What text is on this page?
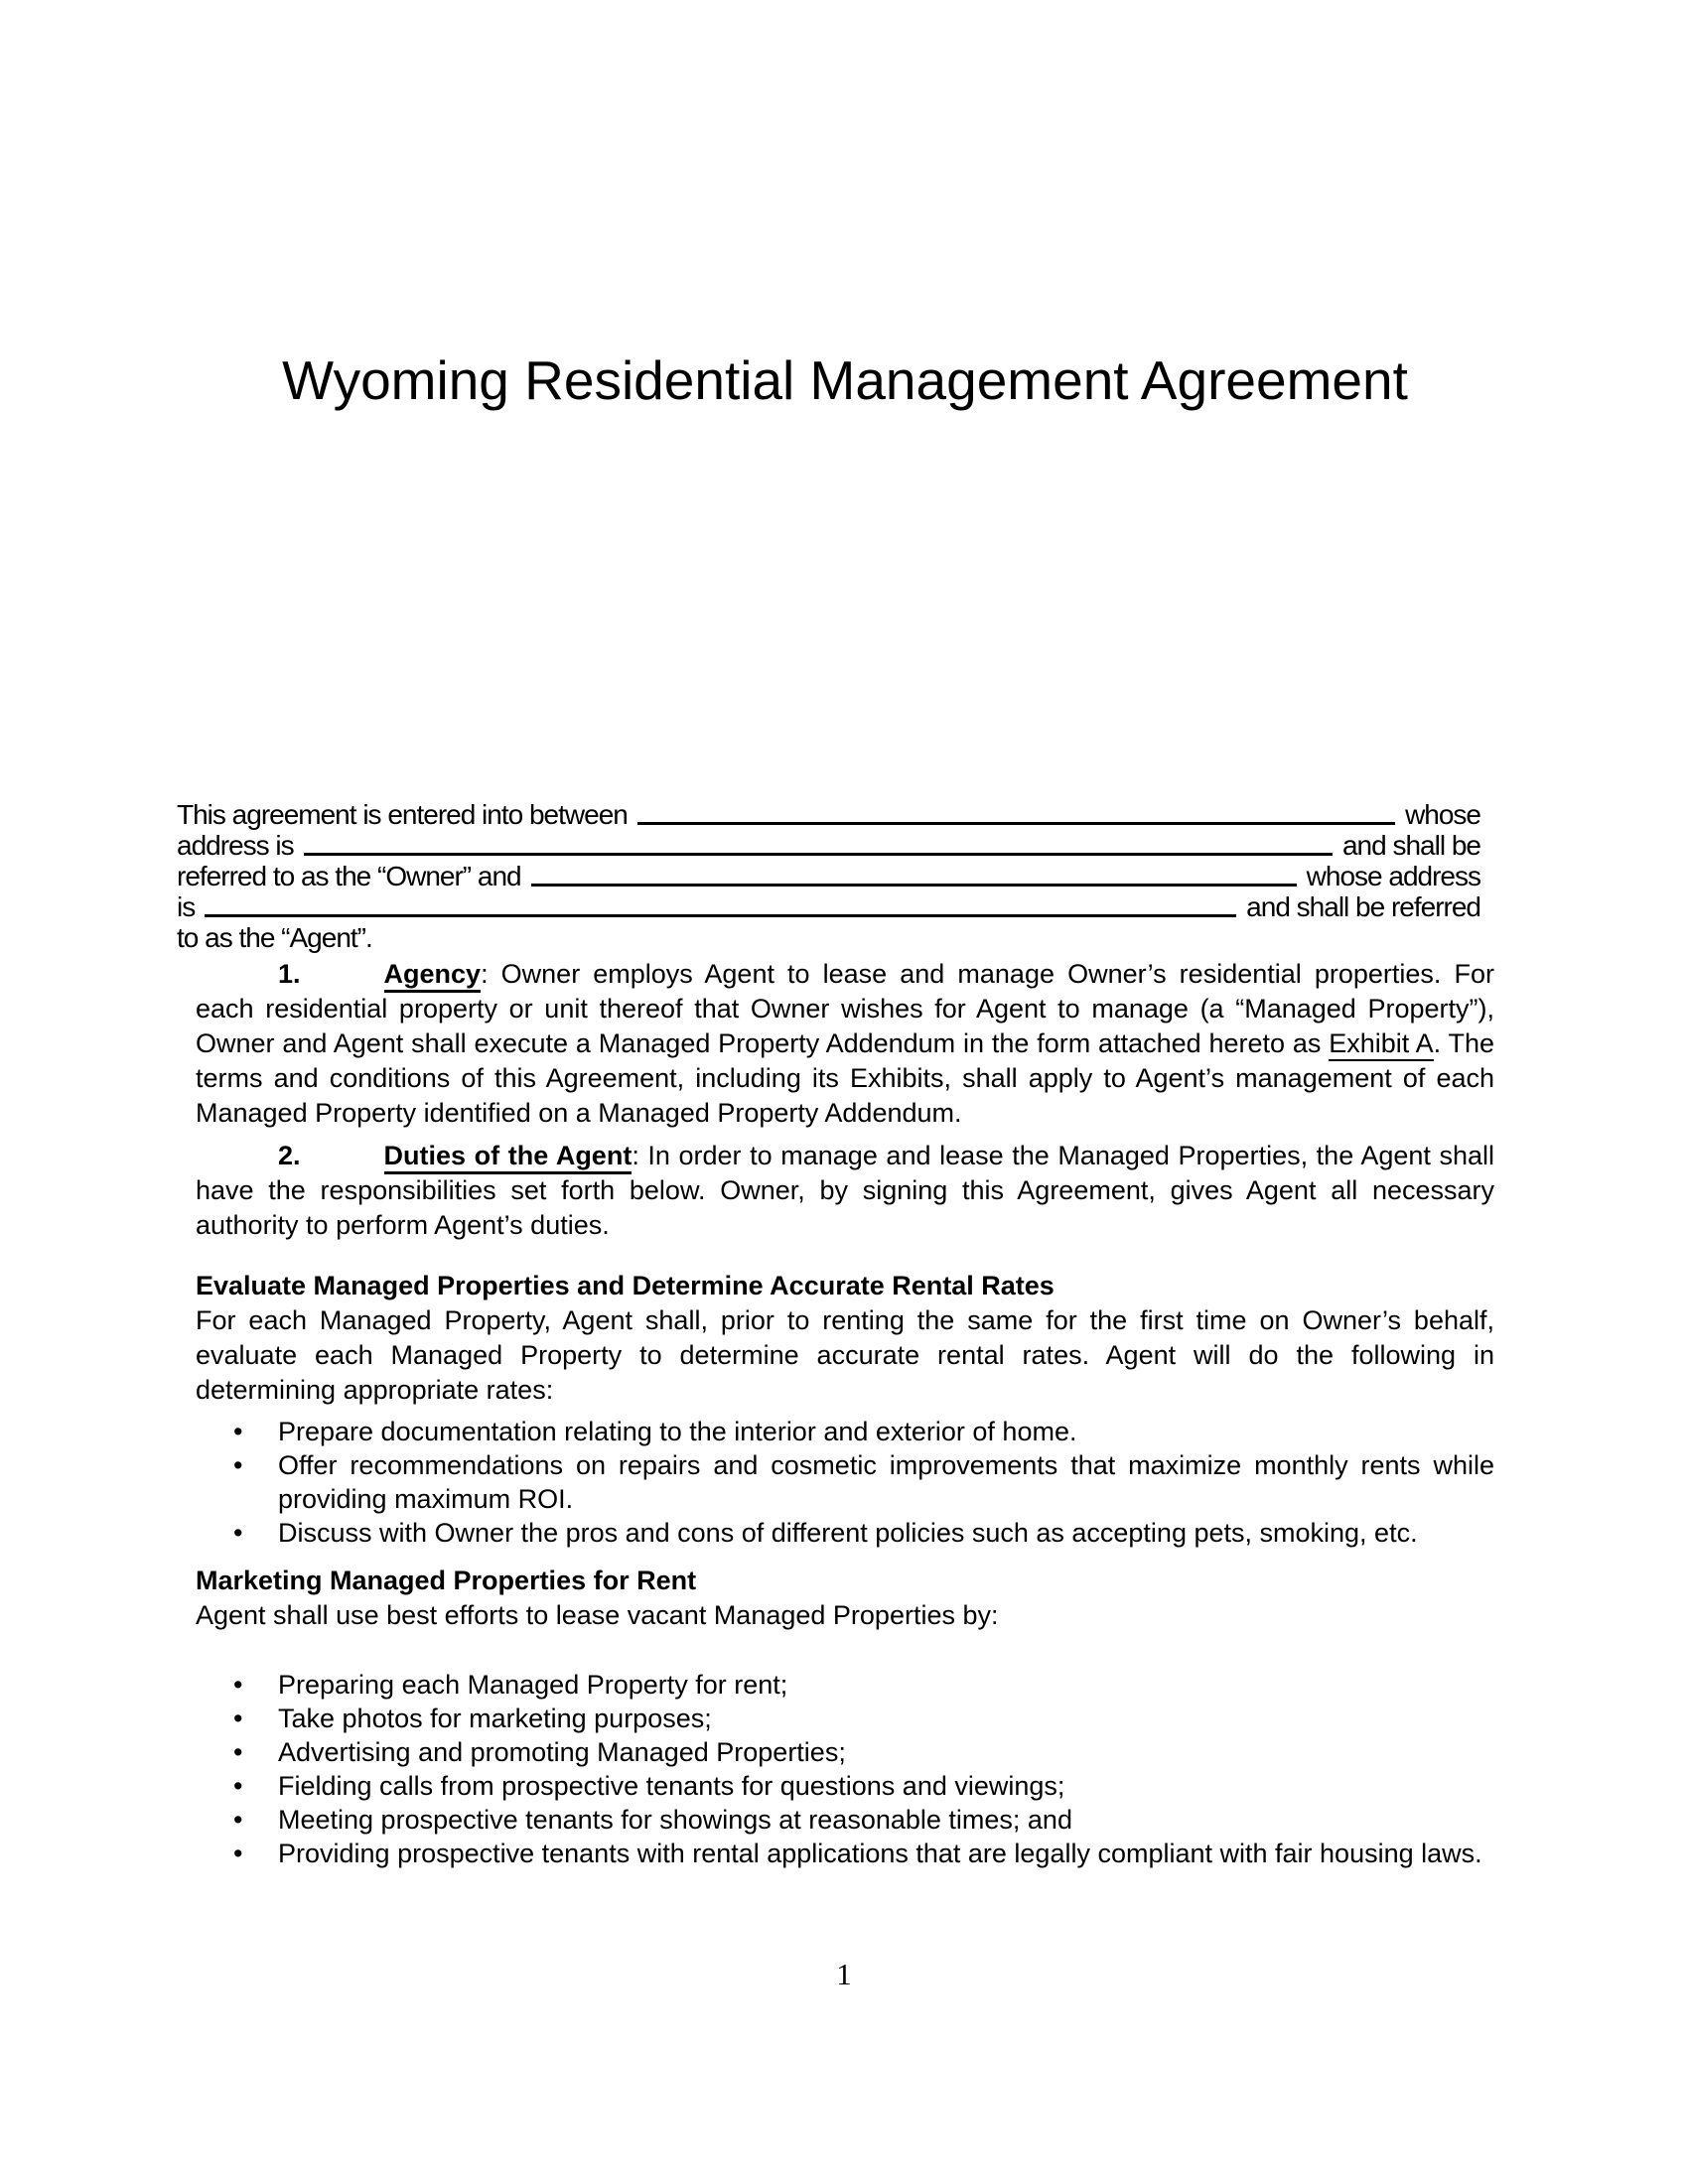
Wyoming Residential Management Agreement
This agreement is entered into between	whose
address is	and shall be
referred to as the “Owner” and	whose address
is	and shall be referred
to as the “Agent”.

1.	Agency: Owner employs Agent to lease and manage Owner’s residential properties. For each residential property or unit thereof that Owner wishes for Agent to manage (a “Managed Property”), Owner and Agent shall execute a Managed Property Addendum in the form attached hereto as Exhibit A. The terms and conditions of this Agreement, including its Exhibits, shall apply to Agent’s management of each Managed Property identified on a Managed Property Addendum.

2.	Duties of the Agent: In order to manage and lease the Managed Properties, the Agent shall have the responsibilities set forth below. Owner, by signing this Agreement, gives Agent all necessary authority to perform Agent’s duties.

Evaluate Managed Properties and Determine Accurate Rental Rates

For each Managed Property, Agent shall, prior to renting the same for the first time on Owner’s behalf, evaluate each Managed Property to determine accurate rental rates. Agent will do the following in determining appropriate rates:

•	Prepare documentation relating to the interior and exterior of home.
•	Offer recommendations on repairs and cosmetic improvements that maximize monthly rents while providing maximum ROI.
•	Discuss with Owner the pros and cons of different policies such as accepting pets, smoking, etc.

Marketing Managed Properties for Rent

Agent shall use best efforts to lease vacant Managed Properties by:

•	Preparing each Managed Property for rent;
•	Take photos for marketing purposes;
•	Advertising and promoting Managed Properties;
•	Fielding calls from prospective tenants for questions and viewings;
•	Meeting prospective tenants for showings at reasonable times; and
•	Providing prospective tenants with rental applications that are legally compliant with fair housing laws.
1
